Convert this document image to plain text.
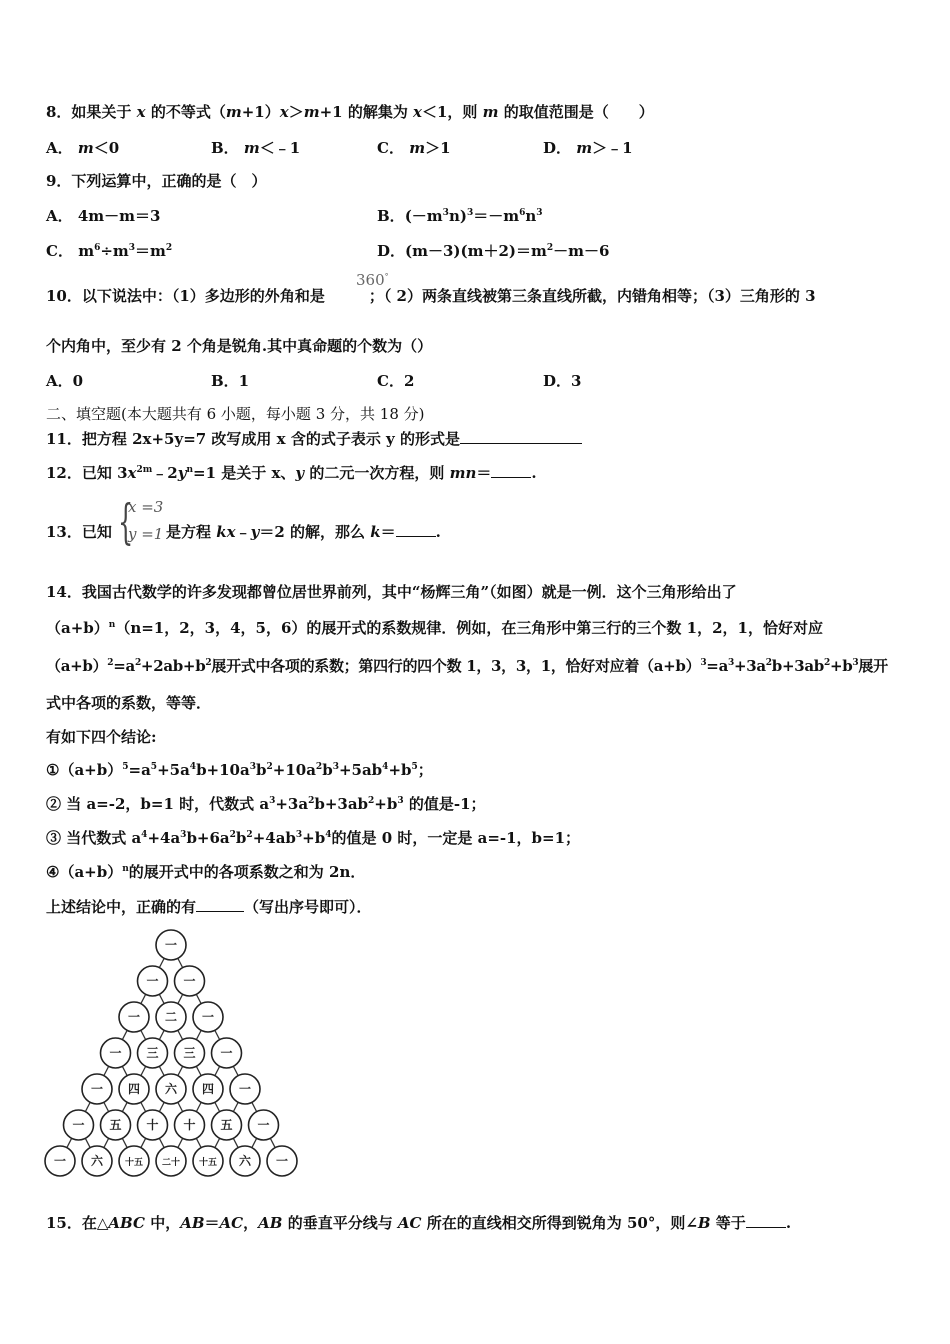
8．如果关于 x 的不等式（m+1）x＞m+1 的解集为 x＜1，则 m 的取值范围是（　　）
A． m＜0	B． m＜﹣1	C． m＞1	D． m＞﹣1
9．下列运算中，正确的是（　）
A． 4m－m＝3	B．$(-m^3n)^3=-m^6n^3$
C． $m^6\div m^3=m^2$	D．$(m-3)(m+2)=m^2-m-6$
10．以下说法中：（1）多边形的外角和是	；（ 2）两条直线被第三条直线所截，内错角相等；（3）三角形的 3
360°
个内角中，至少有 2 个角是锐角.其中真命题的个数为（）
A．0	B．1	C．2	D．3
二、填空题(本大题共有 6 小题，每小题 3 分，共 18 分)
11．把方程 2x+5y=7 改写成用 x 含的式子表示 y 的形式是
12．已知 $3x^{2m}﹣2y^n=1$ 是关于 x、y 的二元一次方程，则 mn＝	.
13．已知 {
x =3
y =1 是方程 kx﹣y＝2 的解，那么 k＝	.
14．我国古代数学的许多发现都曾位居世界前列，其中“杨辉三角”（如图）就是一例．这个三角形给出了
$(a+b)^n(n=1$，2，3，4，5，6）的展开式的系数规律．例如，在三角形中第三行的三个数 1，2，1，恰好对应
$(a+b)^2=a^2+2ab+b^2$展开式中各项的系数；第四行的四个数 1，3，3，1，恰好对应着$(a+b)^3=a^3+3a^2b+3ab^2+b^3$展开
式中各项的系数，等等．
有如下四个结论:
$①(a+b)^5=a^5+5a^4b+10a^3b^2+10a^2b^3+5ab^4+b^5$；
② 当 a=-2，b=1 时，代数式 $a^3+3a^2b+3ab^2+b^3$ 的值是-1；
③ 当代数式 $a^4+4a^3b+6a^2b^2+4ab^3+b^4$的值是 0 时，一定是 a=-1，b=1；
$④(a+b)^n$的展开式中的各项系数之和为 2n．
上述结论中，正确的有	（写出序号即可）．
一
一 一
一 二 一
一 三 三 一
一 四 六 四 一
一 五 十 十 五 一
一 六 十五 二十 十五 六 一
15．在△ABC 中，AB＝AC，AB 的垂直平分线与 AC 所在的直线相交所得到锐角为 50°，则∠B 等于	.
